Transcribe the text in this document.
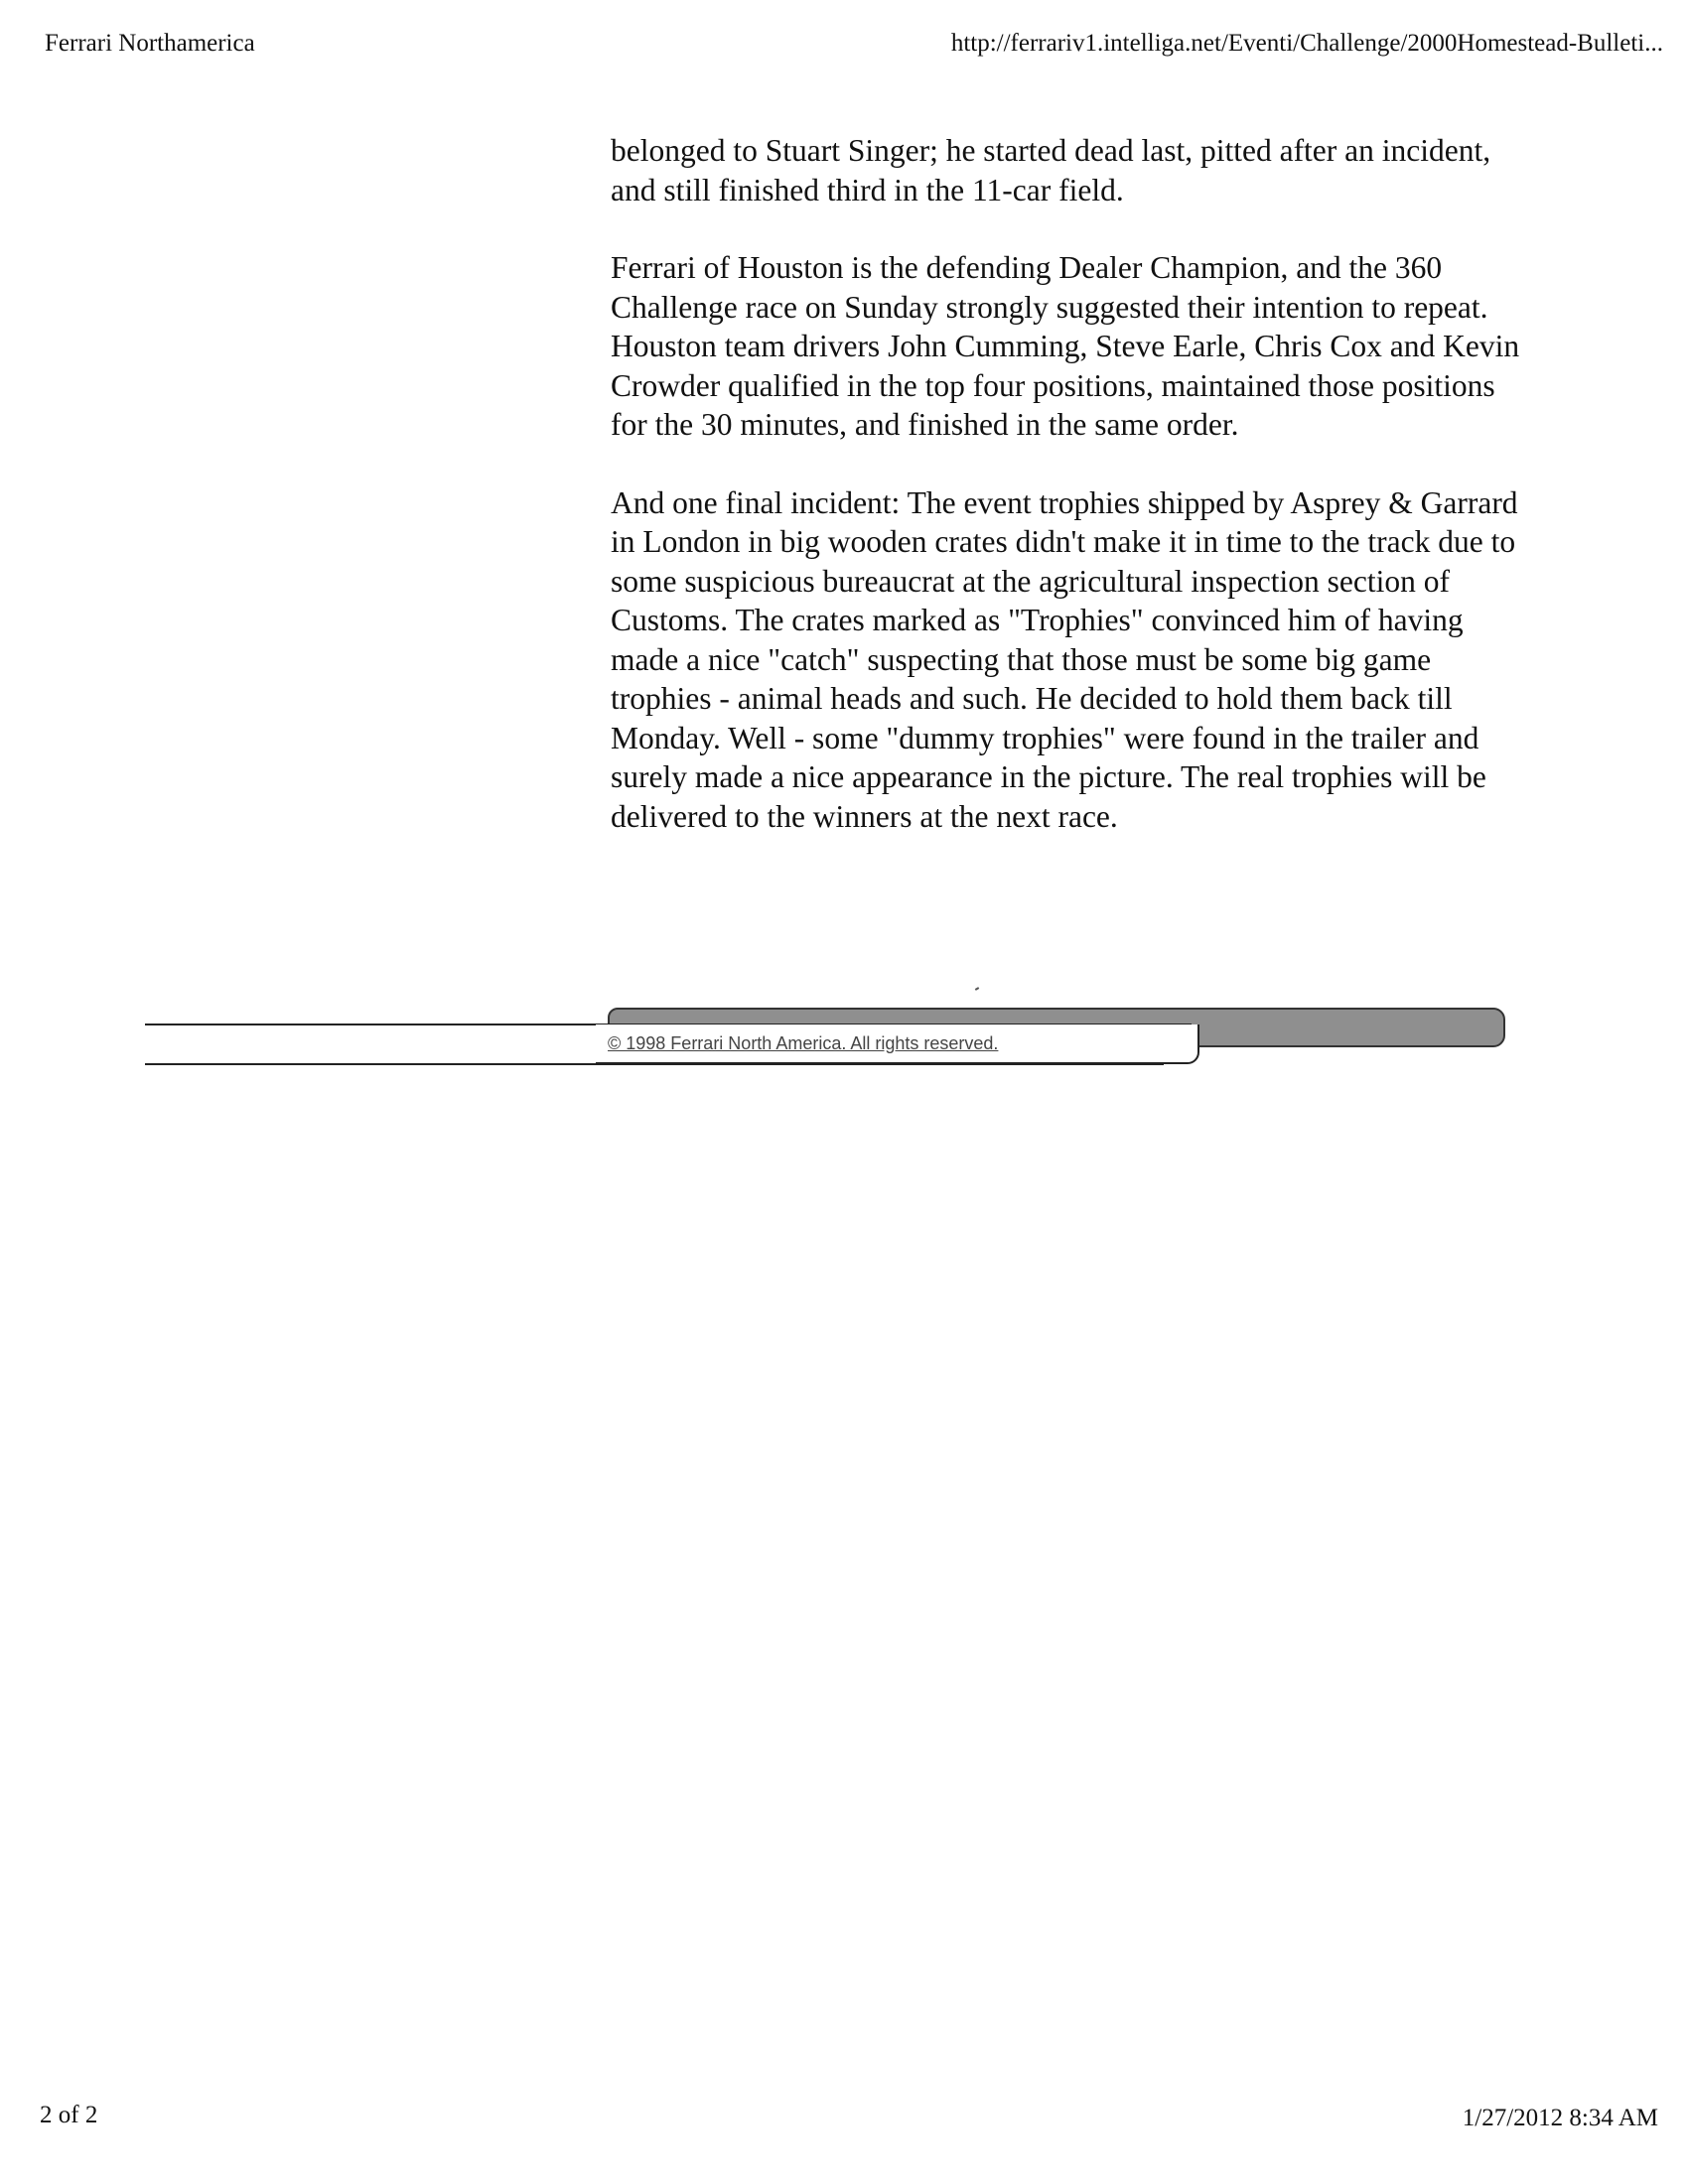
Ferrari Northamerica	http://ferrariv1.intelliga.net/Eventi/Challenge/2000Homestead-Bulleti...

belonged to Stuart Singer; he started dead last, pitted after an incident, and still finished third in the 11-car field.

Ferrari of Houston is the defending Dealer Champion, and the 360 Challenge race on Sunday strongly suggested their intention to repeat. Houston team drivers John Cumming, Steve Earle, Chris Cox and Kevin Crowder qualified in the top four positions, maintained those positions for the 30 minutes, and finished in the same order.

And one final incident: The event trophies shipped by Asprey & Garrard in London in big wooden crates didn't make it in time to the track due to some suspicious bureaucrat at the agricultural inspection section of Customs. The crates marked as "Trophies" convinced him of having made a nice "catch" suspecting that those must be some big game trophies - animal heads and such. He decided to hold them back till Monday. Well - some "dummy trophies" were found in the trailer and surely made a nice appearance in the picture. The real trophies will be delivered to the winners at the next race.

© 1998 Ferrari North America. All rights reserved.
2 of 2	1/27/2012 8:34 AM
